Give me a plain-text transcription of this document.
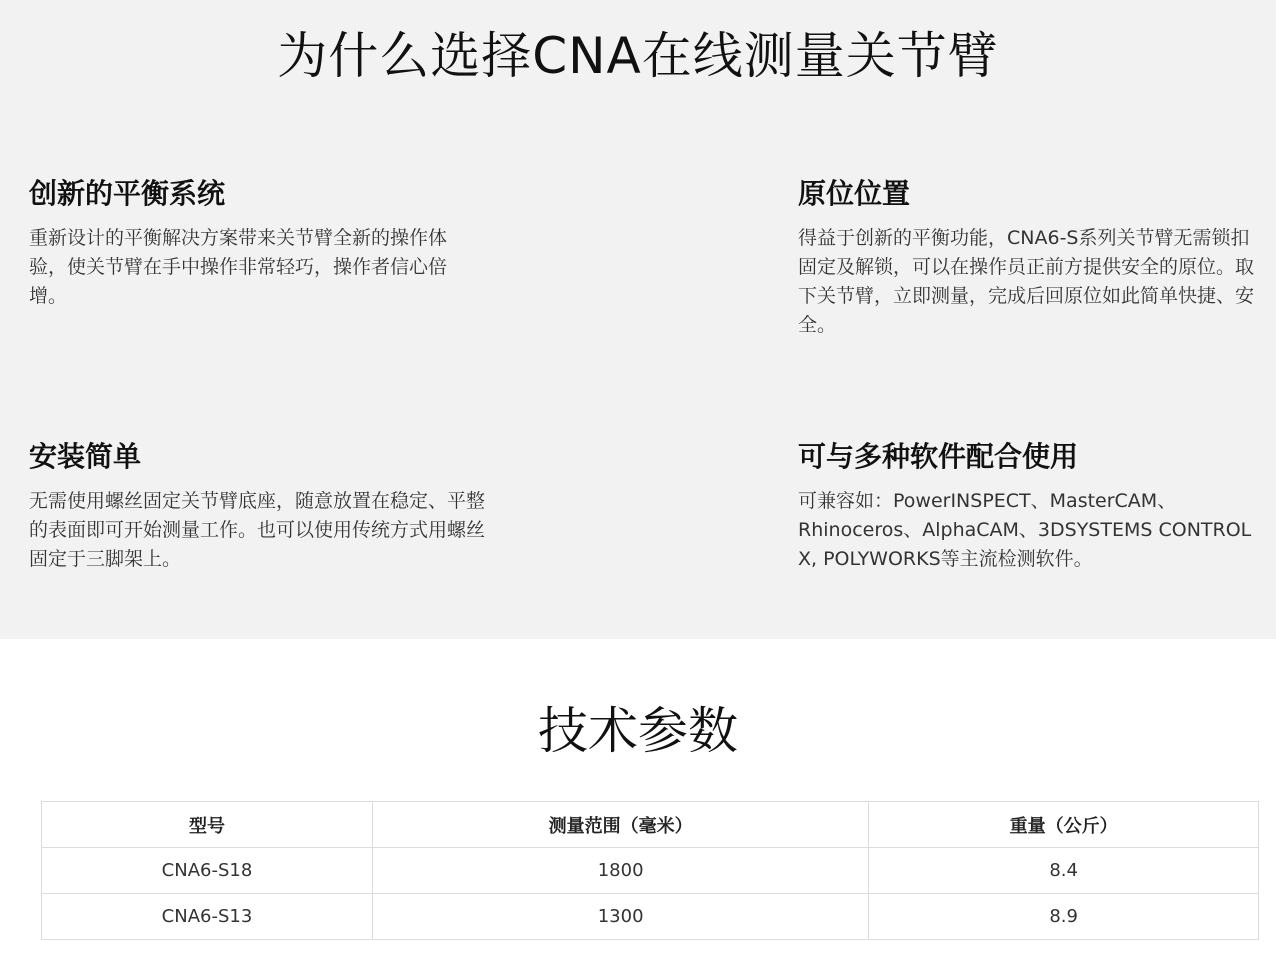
为什么选择CNA在线测量关节臂
创新的平衡系统

重新设计的平衡解决方案带来关节臂全新的操作体验，使关节臂在手中操作非常轻巧，操作者信心倍增。

原位位置

得益于创新的平衡功能，CNA6-S系列关节臂无需锁扣固定及解锁，可以在操作员正前方提供安全的原位。取下关节臂，立即测量，完成后回原位如此简单快捷、安全。

安装简单

无需使用螺丝固定关节臂底座，随意放置在稳定、平整的表面即可开始测量工作。也可以使用传统方式用螺丝固定于三脚架上。

可与多种软件配合使用

可兼容如：PowerINSPECT、MasterCAM、Rhinoceros、AlphaCAM、3DSYSTEMS CONTROL X, POLYWORKS等主流检测软件。

技术参数
型号	测量范围（毫米）	重量（公斤）
CNA6-S18	1800	8.4
CNA6-S13	1300	8.9
